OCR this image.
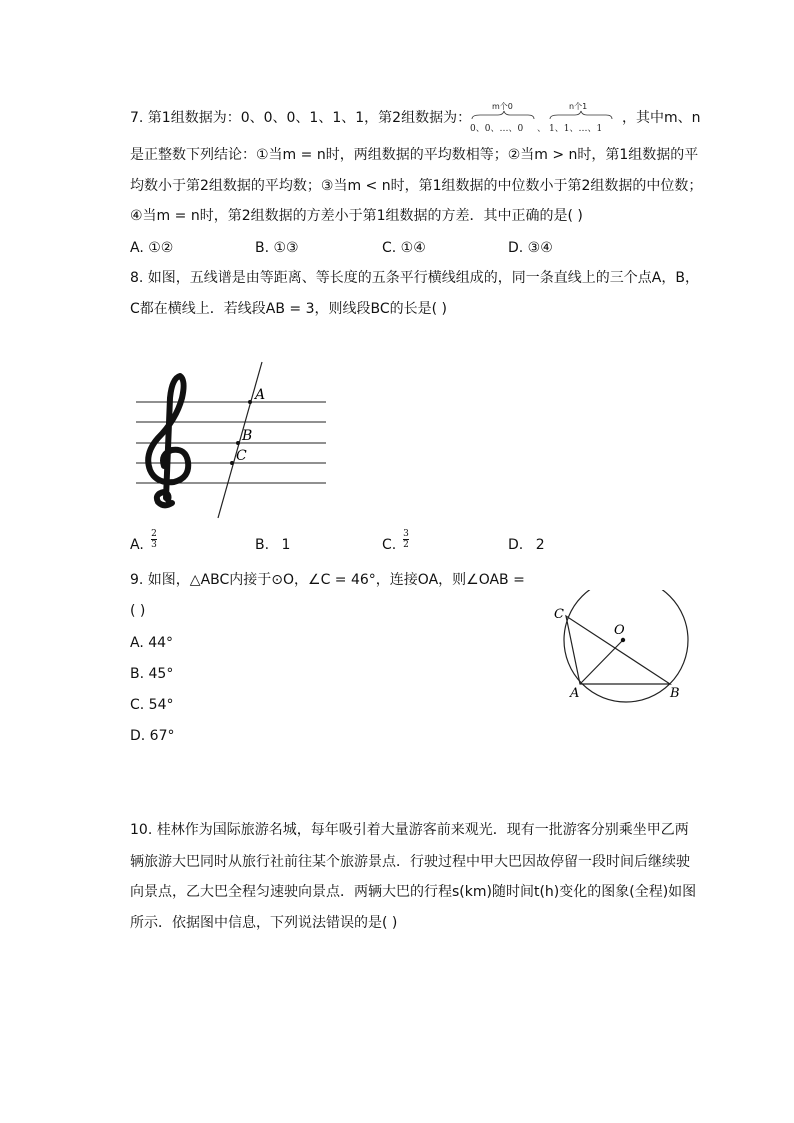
7. 第1组数据为：0、0、0、1、1、1，第2组数据为：
m个0	n个1
0、0、…、0 、 1、1、…、1
，其中m、n
是正整数下列结论：①当m = n时，两组数据的平均数相等；②当m > n时，第1组数据的平
均数小于第2组数据的平均数；③当m < n时，第1组数据的中位数小于第2组数据的中位数；
④当m = n时，第2组数据的方差小于第1组数据的方差．其中正确的是( )
A. ①②	B. ①③	C. ①④	D. ③④
8. 如图，五线谱是由等距离、等长度的五条平行横线组成的，同一条直线上的三个点A，B，
C都在横线上．若线段AB = 3，则线段BC的长是( )
A
B
C
A.
2
3	B. 1	C.
3
2	D. 2
9. 如图，△ABC内接于⊙O，∠C = 46°，连接OA，则∠OAB =
( )
A. 44°
B. 45°
C. 54°
D. 67°
C
O
A	B
10. 桂林作为国际旅游名城，每年吸引着大量游客前来观光．现有一批游客分别乘坐甲乙两
辆旅游大巴同时从旅行社前往某个旅游景点．行驶过程中甲大巴因故停留一段时间后继续驶
向景点，乙大巴全程匀速驶向景点．两辆大巴的行程s(km)随时间t(h)变化的图象(全程)如图
所示．依据图中信息，下列说法错误的是( )
